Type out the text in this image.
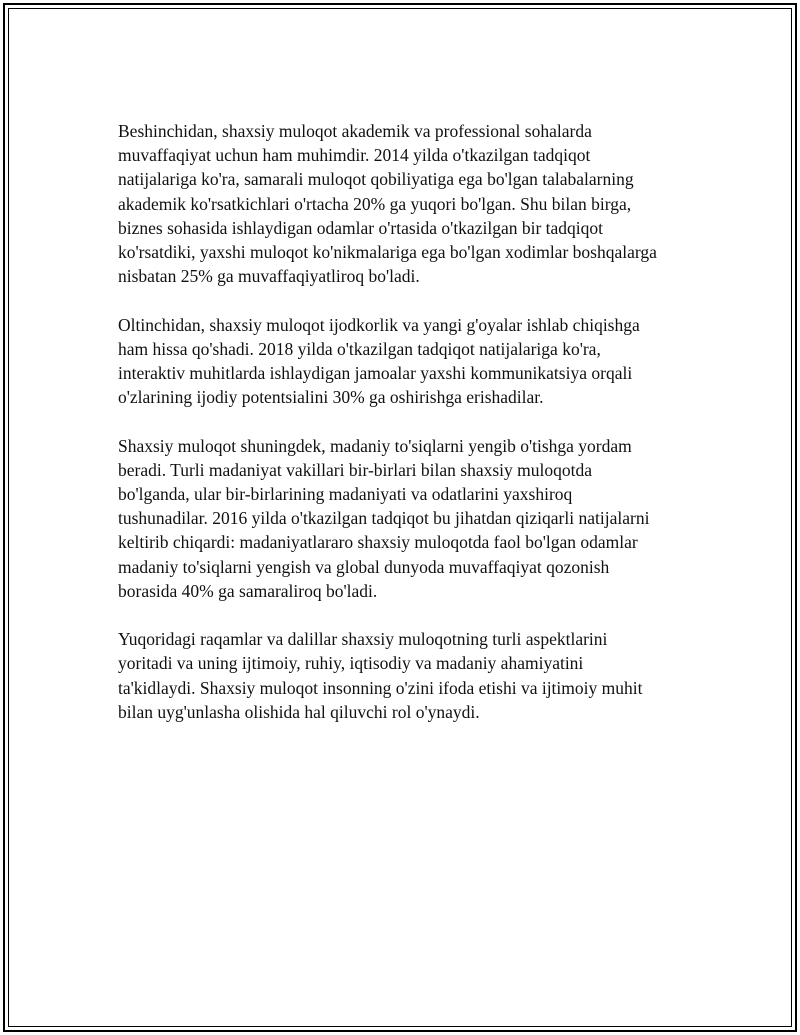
Beshinchidan, shaxsiy muloqot akademik va professional sohalarda
muvaffaqiyat uchun ham muhimdir. 2014 yilda o'tkazilgan tadqiqot
natijalariga ko'ra, samarali muloqot qobiliyatiga ega bo'lgan talabalarning
akademik ko'rsatkichlari o'rtacha 20% ga yuqori bo'lgan. Shu bilan birga,
biznes sohasida ishlaydigan odamlar o'rtasida o'tkazilgan bir tadqiqot
ko'rsatdiki, yaxshi muloqot ko'nikmalariga ega bo'lgan xodimlar boshqalarga
nisbatan 25% ga muvaffaqiyatliroq bo'ladi.

Oltinchidan, shaxsiy muloqot ijodkorlik va yangi g'oyalar ishlab chiqishga
ham hissa qo'shadi. 2018 yilda o'tkazilgan tadqiqot natijalariga ko'ra,
interaktiv muhitlarda ishlaydigan jamoalar yaxshi kommunikatsiya orqali
o'zlarining ijodiy potentsialini 30% ga oshirishga erishadilar.

Shaxsiy muloqot shuningdek, madaniy to'siqlarni yengib o'tishga yordam
beradi. Turli madaniyat vakillari bir-birlari bilan shaxsiy muloqotda
bo'lganda, ular bir-birlarining madaniyati va odatlarini yaxshiroq
tushunadilar. 2016 yilda o'tkazilgan tadqiqot bu jihatdan qiziqarli natijalarni
keltirib chiqardi: madaniyatlararo shaxsiy muloqotda faol bo'lgan odamlar
madaniy to'siqlarni yengish va global dunyoda muvaffaqiyat qozonish
borasida 40% ga samaraliroq bo'ladi.

Yuqoridagi raqamlar va dalillar shaxsiy muloqotning turli aspektlarini
yoritadi va uning ijtimoiy, ruhiy, iqtisodiy va madaniy ahamiyatini
ta'kidlaydi. Shaxsiy muloqot insonning o'zini ifoda etishi va ijtimoiy muhit
bilan uyg'unlasha olishida hal qiluvchi rol o'ynaydi.
